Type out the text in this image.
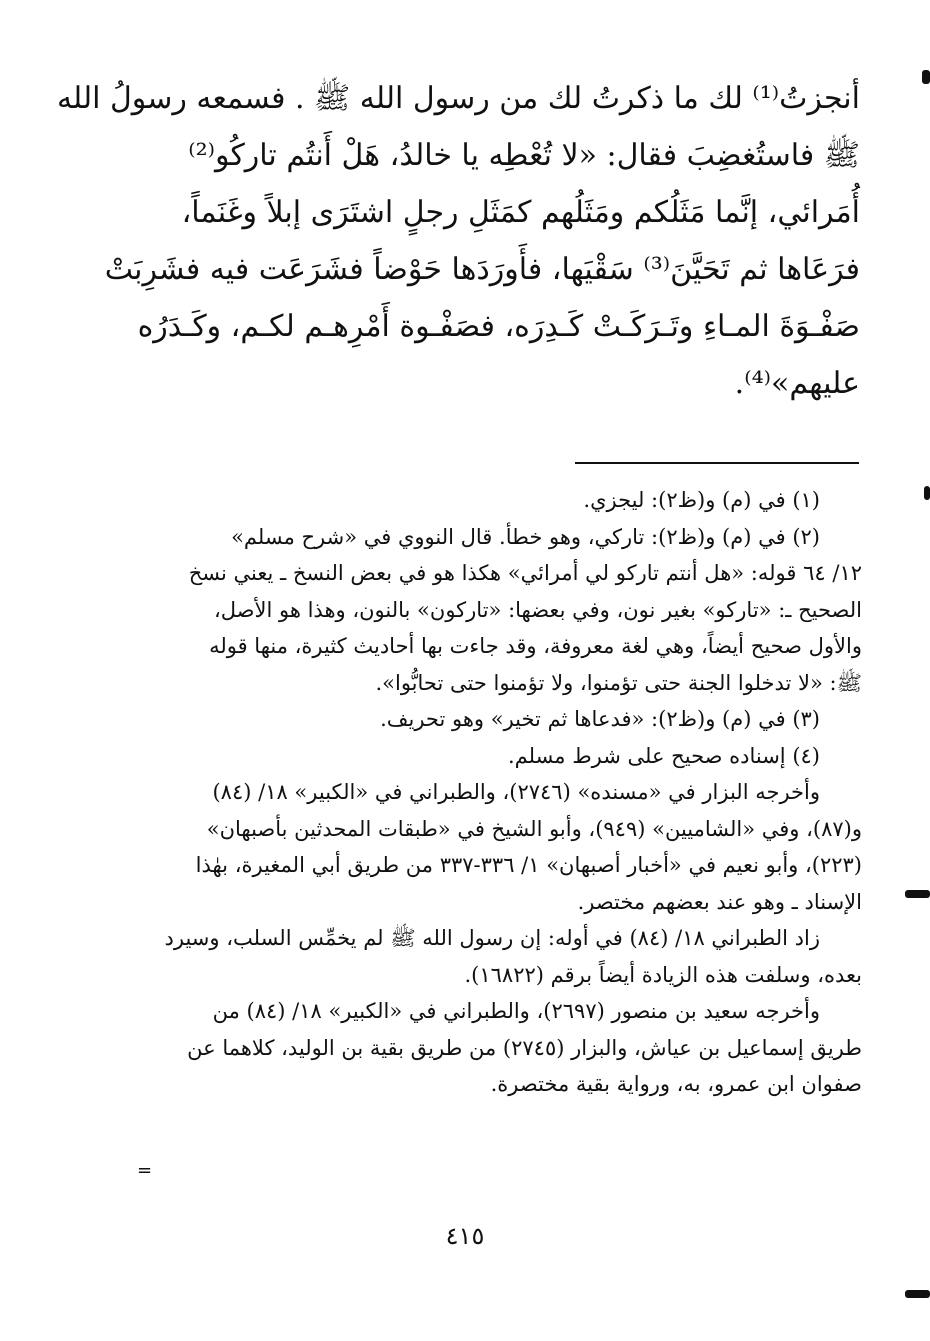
أنجزتُ⁽¹⁾ لك ما ذكرتُ لك من رسول الله ﷺ . فسمعه رسولُ الله
ﷺ فاستُغضِبَ فقال: «لا تُعْطِه يا خالدُ، هَلْ أَنتُم تاركُو⁽²⁾
أُمَرائي، إنَّما مَثَلُكم ومَثَلُهم كمَثَلِ رجلٍ اشتَرَى إبلاً وغَنَماً،
فرَعَاها ثم تَحَيَّنَ⁽³⁾ سَقْيَها، فأَورَدَها حَوْضاً فشَرَعَت فيه فشَرِبَتْ
صَفْـوَةَ المـاءِ وتَـرَكَـتْ كَـدِرَه، فصَفْـوة أَمْرِهـم لكـم، وكَـدَرُه
عليهم»⁽⁴⁾.
(١) في (م) و(ظ٢): ليجزي.
(٢) في (م) و(ظ٢): تاركي، وهو خطأ. قال النووي في «شرح مسلم»
١٢/ ٦٤ قوله: «هل أنتم تاركو لي أمرائي» هكذا هو في بعض النسخ ـ يعني نسخ
الصحيح ـ: «تاركو» بغير نون، وفي بعضها: «تاركون» بالنون، وهذا هو الأصل،
والأول صحيح أيضاً، وهي لغة معروفة، وقد جاءت بها أحاديث كثيرة، منها قوله
ﷺ: «لا تدخلوا الجنة حتى تؤمنوا، ولا تؤمنوا حتى تحابُّوا».
(٣) في (م) و(ظ٢): «فدعاها ثم تخير» وهو تحريف.
(٤) إسناده صحيح على شرط مسلم.
وأخرجه البزار في «مسنده» (٢٧٤٦)، والطبراني في «الكبير» ١٨/ (٨٤)
و(٨٧)، وفي «الشاميين» (٩٤٩)، وأبو الشيخ في «طبقات المحدثين بأصبهان»
(٢٢٣)، وأبو نعيم في «أخبار أصبهان» ١/ ٣٣٦-٣٣٧ من طريق أبي المغيرة، بهٰذا
الإسناد ـ وهو عند بعضهم مختصر.
زاد الطبراني ١٨/ (٨٤) في أوله: إن رسول الله ﷺ لم يخمِّس السلب، وسيرد
بعده، وسلفت هذه الزيادة أيضاً برقم (١٦٨٢٢).
وأخرجه سعيد بن منصور (٢٦٩٧)، والطبراني في «الكبير» ١٨/ (٨٤) من
طريق إسماعيل بن عياش، والبزار (٢٧٤٥) من طريق بقية بن الوليد، كلاهما عن
صفوان ابن عمرو، به، ورواية بقية مختصرة.
=
٤١٥
